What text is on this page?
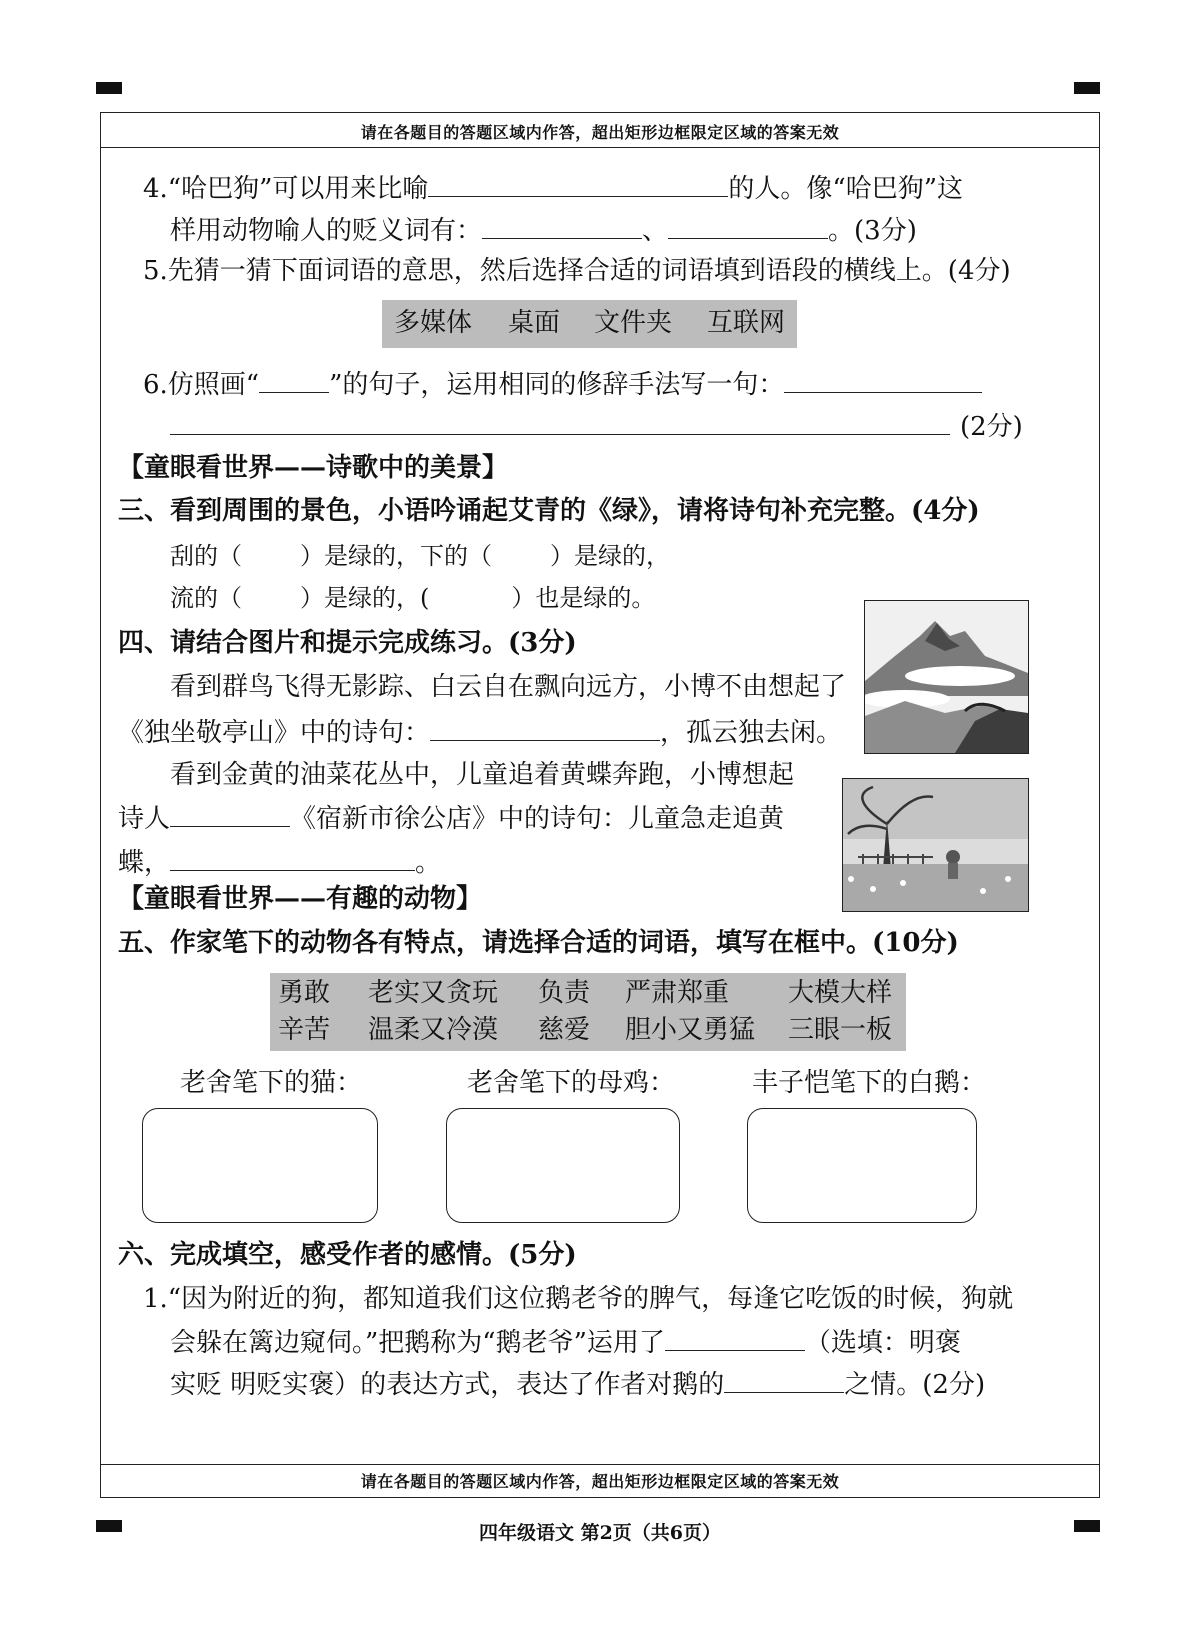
请在各题目的答题区域内作答，超出矩形边框限定区域的答案无效
请在各题目的答题区域内作答，超出矩形边框限定区域的答案无效
4.“哈巴狗”可以用来比喻	的人。像“哈巴狗”这
样用动物喻人的贬义词有：	、	。(3分)
5.先猜一猜下面词语的意思，然后选择合适的词语填到语段的横线上。(4分)
多媒体 桌面 文件夹 互联网
6.仿照画“	”的句子，运用相同的修辞手法写一句：
(2分)
【童眼看世界——诗歌中的美景】
三、看到周围的景色，小语吟诵起艾青的《绿》，请将诗句补充完整。(4分)
刮的（ ）是绿的，下的（ ）是绿的，
流的（ ）是绿的，(	）也是绿的。
四、请结合图片和提示完成练习。(3分)
看到群鸟飞得无影踪、白云自在飘向远方，小博不由想起了
《独坐敬亭山》中的诗句：	，孤云独去闲。
看到金黄的油菜花丛中，儿童追着黄蝶奔跑，小博想起
诗人	《宿新市徐公店》中的诗句：儿童急走追黄
蝶，	。
【童眼看世界——有趣的动物】
五、作家笔下的动物各有特点，请选择合适的词语，填写在框中。(10分)
勇敢 老实又贪玩 负责 严肃郑重 大模大样
辛苦 温柔又冷漠 慈爱 胆小又勇猛 三眼一板
老舍笔下的猫：	老舍笔下的母鸡：	丰子恺笔下的白鹅：
六、完成填空，感受作者的感情。(5分)
1.“因为附近的狗，都知道我们这位鹅老爷的脾气，每逢它吃饭的时候，狗就
会躲在篱边窥伺。”把鹅称为“鹅老爷”运用了	（选填：明褒
实贬 明贬实褒）的表达方式，表达了作者对鹅的	之情。(2分)
四年级语文 第2页（共6页）
